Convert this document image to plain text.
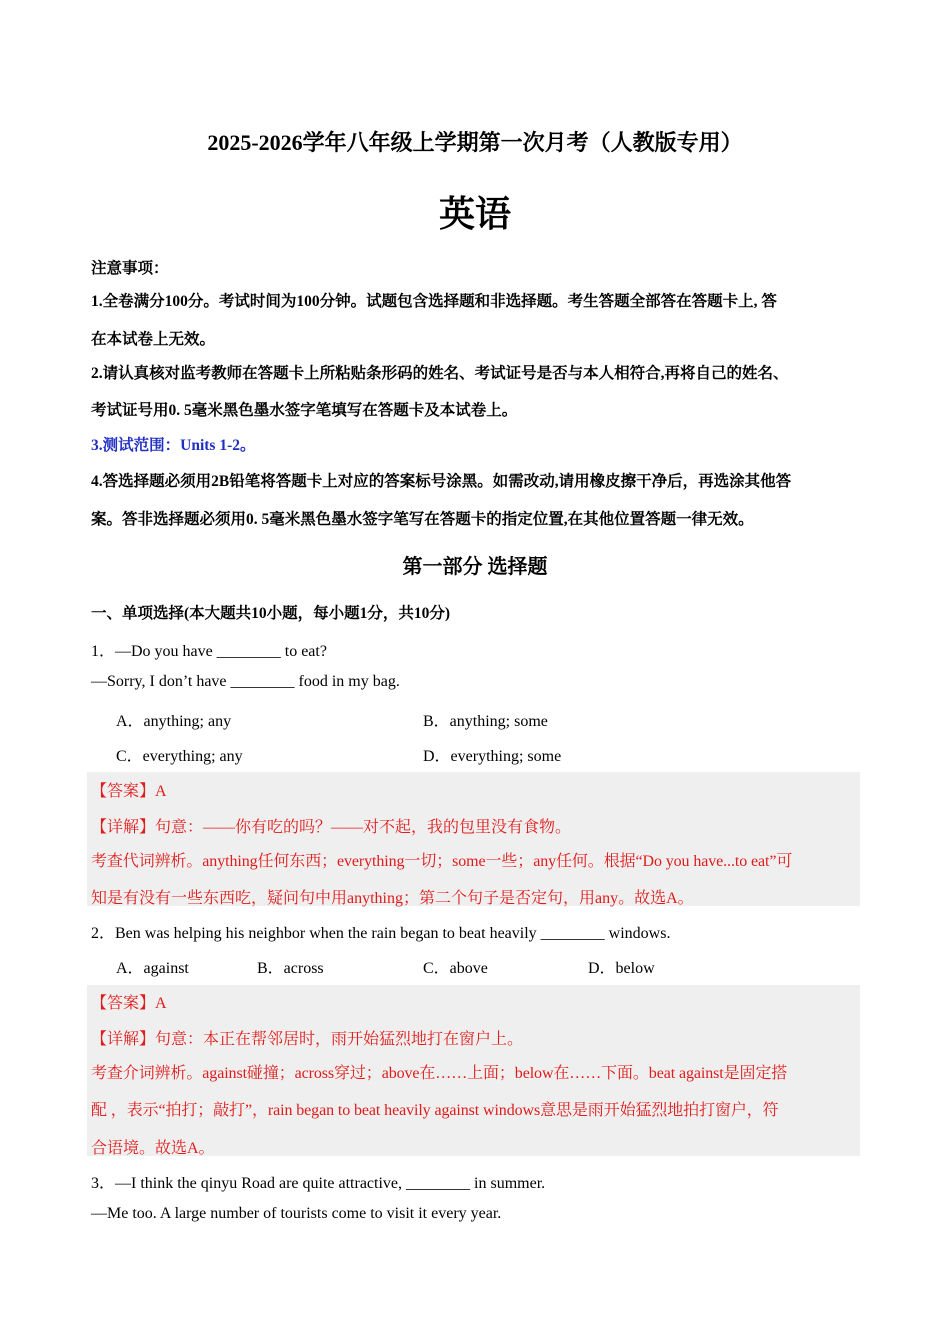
2025-2026学年八年级上学期第一次月考（人教版专用）
英语
注意事项：
1.全卷满分100分。考试时间为100分钟。试题包含选择题和非选择题。考生答题全部答在答题卡上, 答
在本试卷上无效。
2.请认真核对监考教师在答题卡上所粘贴条形码的姓名、考试证号是否与本人相符合,再将自己的姓名、
考试证号用0. 5毫米黑色墨水签字笔填写在答题卡及本试卷上。
3.测试范围：Units 1-2。
4.答选择题必须用2B铅笔将答题卡上对应的答案标号涂黑。如需改动,请用橡皮擦干净后，再选涂其他答
案。答非选择题必须用0. 5毫米黑色墨水签字笔写在答题卡的指定位置,在其他位置答题一律无效。
第一部分 选择题
一、单项选择(本大题共10小题，每小题1分，共10分)
1．—Do you have ________ to eat?
—Sorry, I don’t have ________ food in my bag.
A．anything; any	B．anything; some
C．everything; any	D．everything; some
【答案】A
【详解】句意：——你有吃的吗？——对不起，我的包里没有食物。
考查代词辨析。anything任何东西；everything一切；some一些；any任何。根据“Do you have...to eat”可
知是有没有一些东西吃，疑问句中用anything；第二个句子是否定句，用any。故选A。
2．Ben was helping his neighbor when the rain began to beat heavily ________ windows.
A．against	B．across	C．above	D．below
【答案】A
【详解】句意：本正在帮邻居时，雨开始猛烈地打在窗户上。
考查介词辨析。against碰撞；across穿过；above在……上面；below在……下面。beat against是固定搭
配 ，表示“拍打；敲打”，rain began to beat heavily against windows意思是雨开始猛烈地拍打窗户，符
合语境。故选A。
3．—I think the qinyu Road are quite attractive, ________ in summer.
—Me too. A large number of tourists come to visit it every year.
